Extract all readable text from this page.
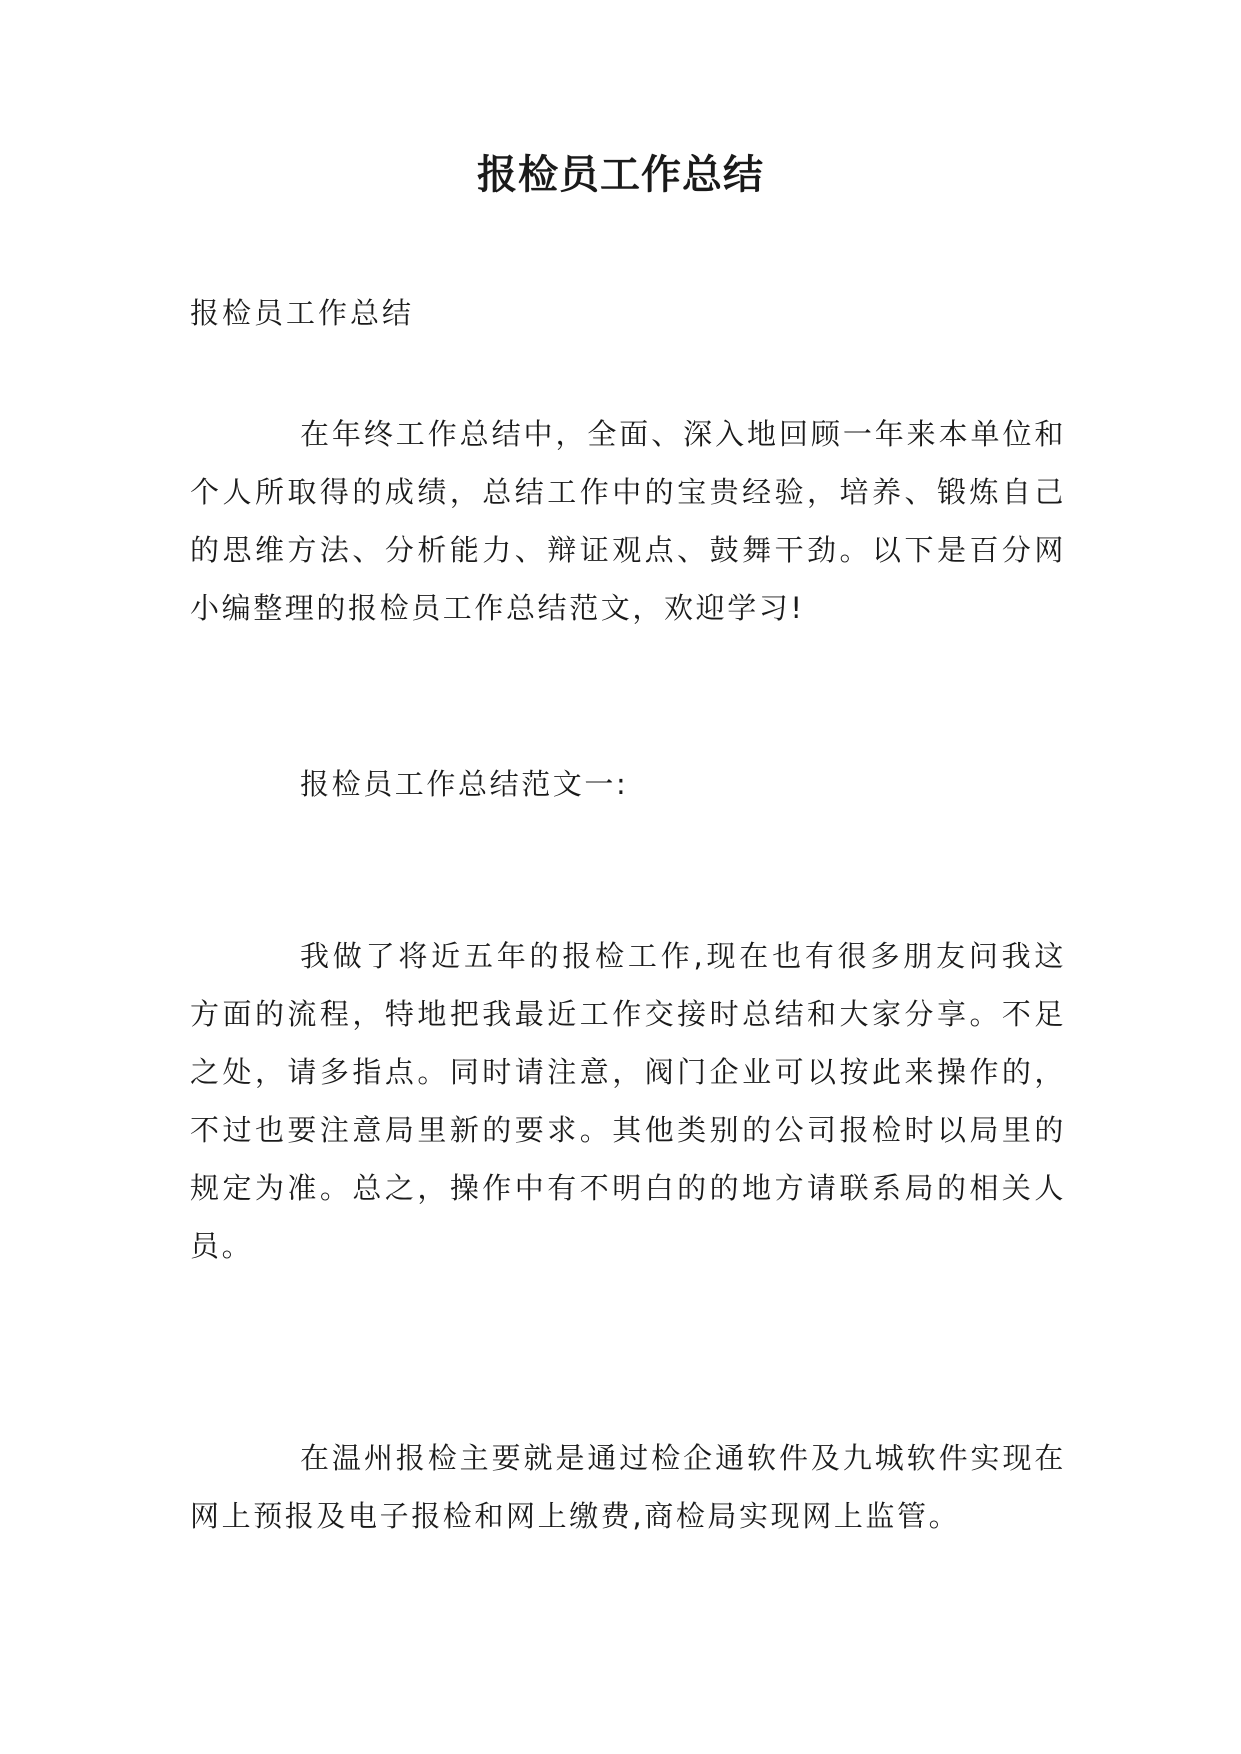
报检员工作总结

报检员工作总结

在年终工作总结中，全面、深入地回顾一年来本单位和个人所取得的成绩，总结工作中的宝贵经验，培养、锻炼自己的思维方法、分析能力、辩证观点、鼓舞干劲。以下是百分网小编整理的报检员工作总结范文，欢迎学习!

报检员工作总结范文一:

我做了将近五年的报检工作,现在也有很多朋友问我这方面的流程，特地把我最近工作交接时总结和大家分享。不足之处，请多指点。同时请注意，阀门企业可以按此来操作的，不过也要注意局里新的要求。其他类别的公司报检时以局里的规定为准。总之，操作中有不明白的的地方请联系局的相关人员。

在温州报检主要就是通过检企通软件及九城软件实现在网上预报及电子报检和网上缴费,商检局实现网上监管。
